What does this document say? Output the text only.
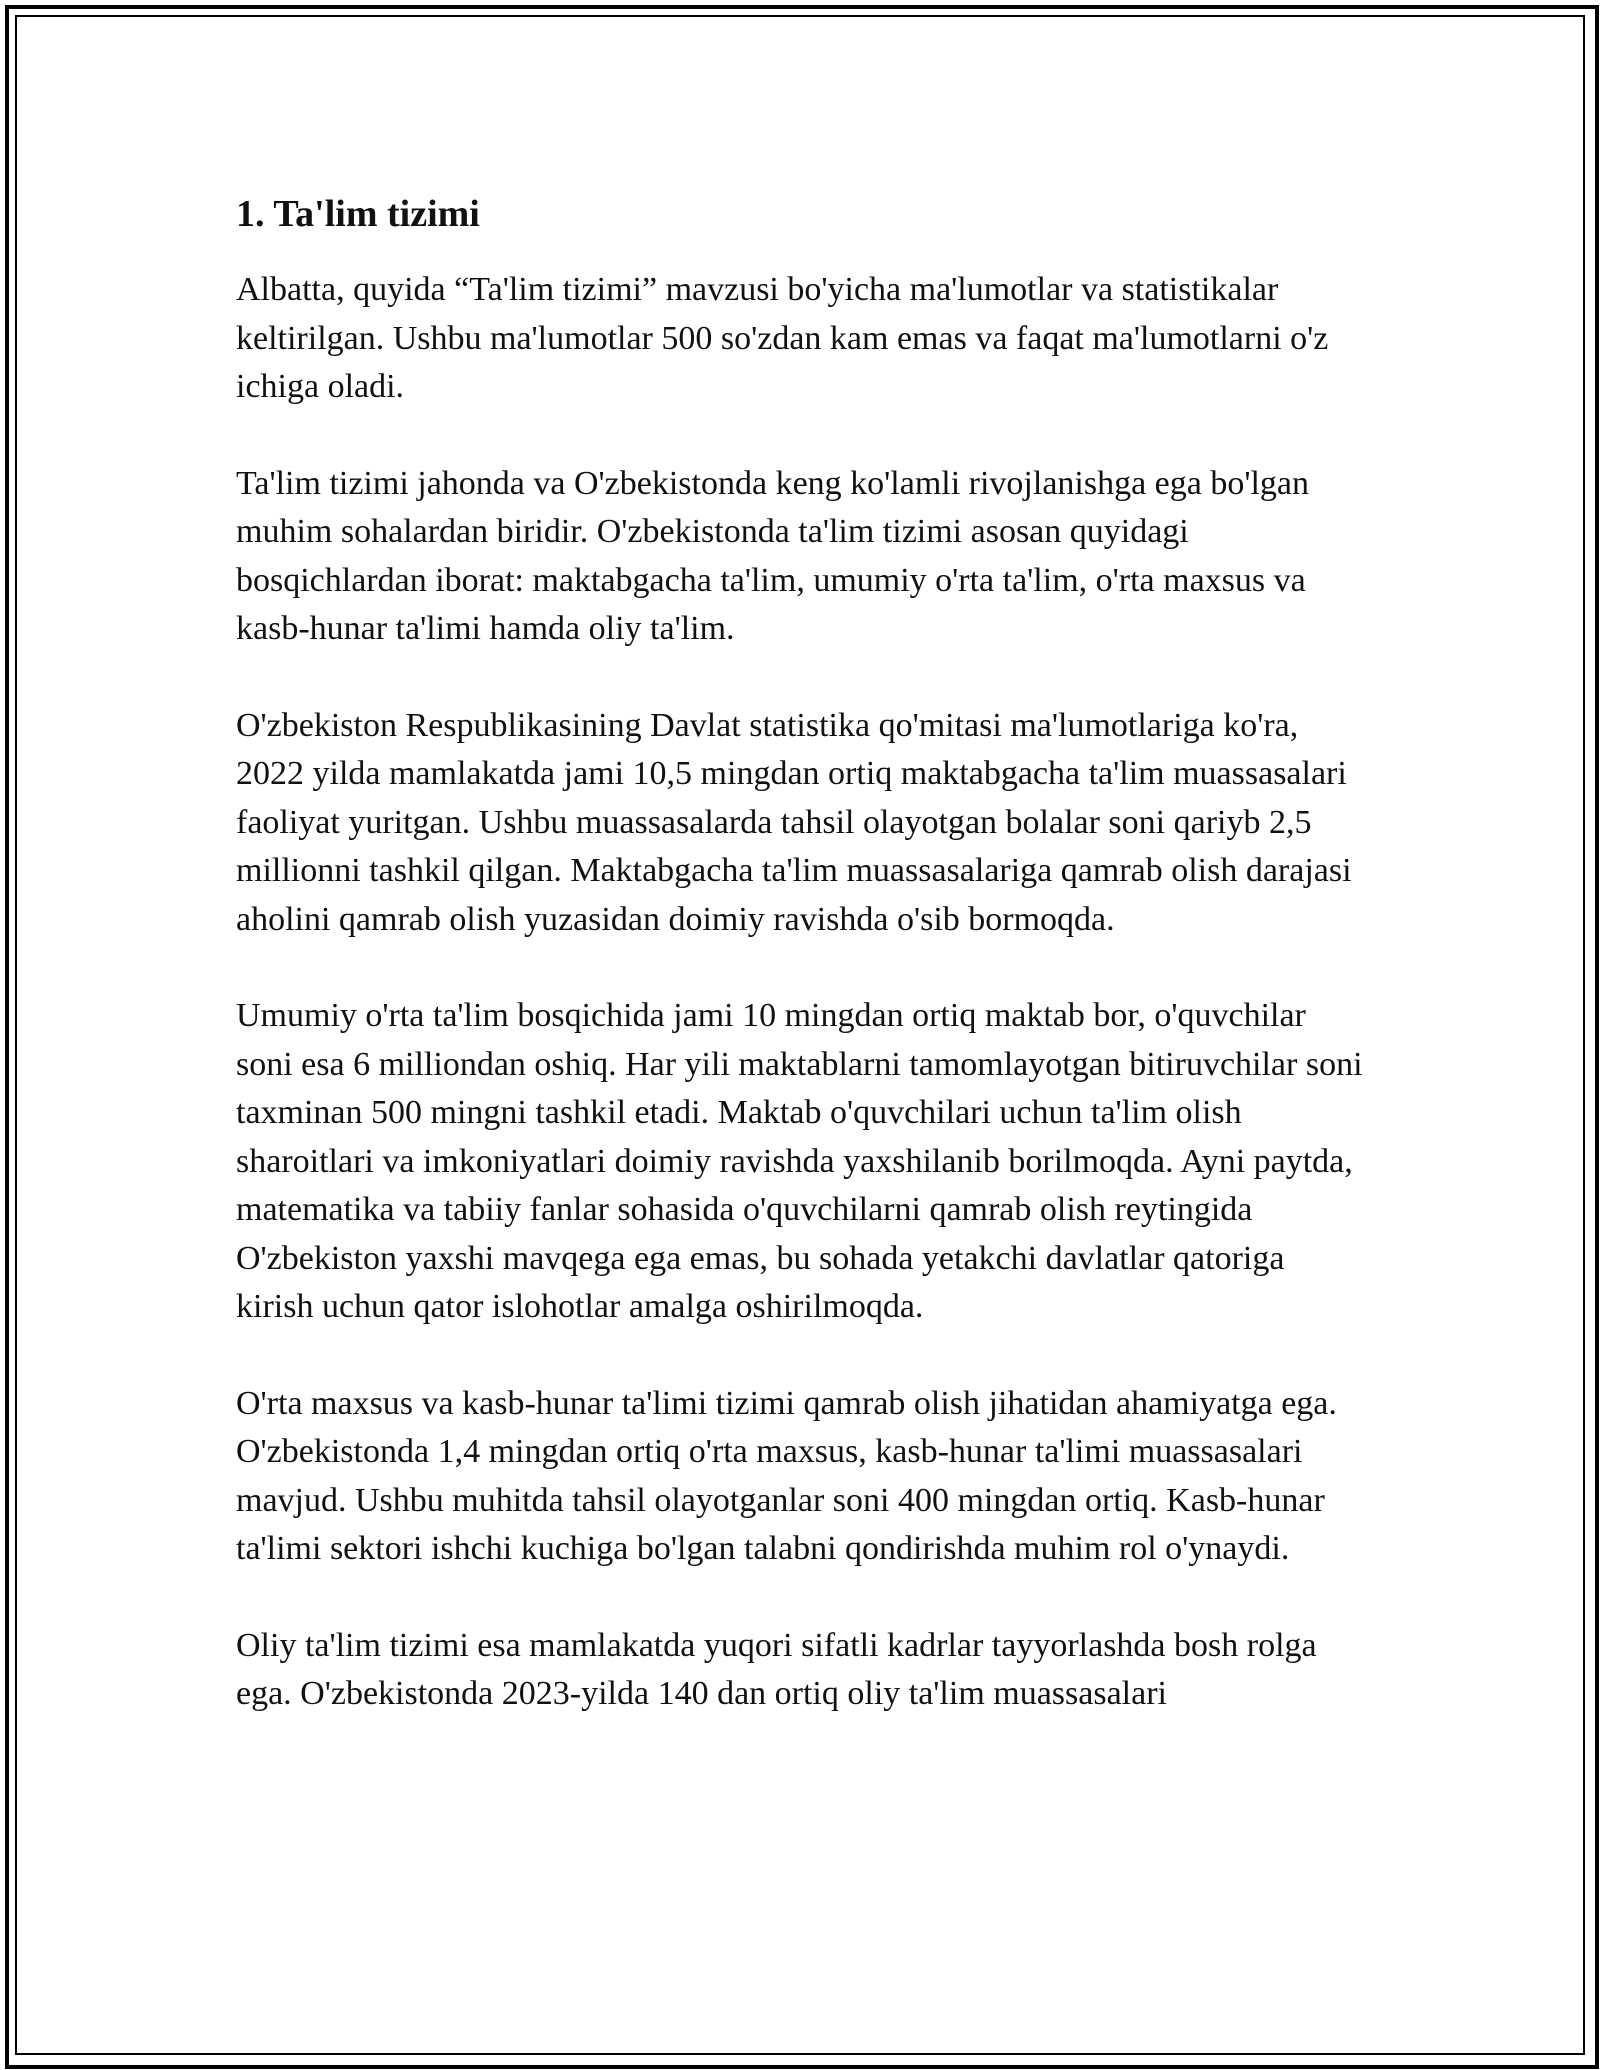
1. Ta'lim tizimi

Albatta, quyida “Ta'lim tizimi” mavzusi bo'yicha ma'lumotlar va statistikalar keltirilgan. Ushbu ma'lumotlar 500 so'zdan kam emas va faqat ma'lumotlarni o'z ichiga oladi.

Ta'lim tizimi jahonda va O'zbekistonda keng ko'lamli rivojlanishga ega bo'lgan muhim sohalardan biridir. O'zbekistonda ta'lim tizimi asosan quyidagi bosqichlardan iborat: maktabgacha ta'lim, umumiy o'rta ta'lim, o'rta maxsus va kasb-hunar ta'limi hamda oliy ta'lim.

O'zbekiston Respublikasining Davlat statistika qo'mitasi ma'lumotlariga ko'ra, 2022 yilda mamlakatda jami 10,5 mingdan ortiq maktabgacha ta'lim muassasalari faoliyat yuritgan. Ushbu muassasalarda tahsil olayotgan bolalar soni qariyb 2,5 millionni tashkil qilgan. Maktabgacha ta'lim muassasalariga qamrab olish darajasi aholini qamrab olish yuzasidan doimiy ravishda o'sib bormoqda.

Umumiy o'rta ta'lim bosqichida jami 10 mingdan ortiq maktab bor, o'quvchilar soni esa 6 milliondan oshiq. Har yili maktablarni tamomlayotgan bitiruvchilar soni taxminan 500 mingni tashkil etadi. Maktab o'quvchilari uchun ta'lim olish sharoitlari va imkoniyatlari doimiy ravishda yaxshilanib borilmoqda. Ayni paytda, matematika va tabiiy fanlar sohasida o'quvchilarni qamrab olish reytingida O'zbekiston yaxshi mavqega ega emas, bu sohada yetakchi davlatlar qatoriga kirish uchun qator islohotlar amalga oshirilmoqda.

O'rta maxsus va kasb-hunar ta'limi tizimi qamrab olish jihatidan ahamiyatga ega. O'zbekistonda 1,4 mingdan ortiq o'rta maxsus, kasb-hunar ta'limi muassasalari mavjud. Ushbu muhitda tahsil olayotganlar soni 400 mingdan ortiq. Kasb-hunar ta'limi sektori ishchi kuchiga bo'lgan talabni qondirishda muhim rol o'ynaydi.

Oliy ta'lim tizimi esa mamlakatda yuqori sifatli kadrlar tayyorlashda bosh rolga ega. O'zbekistonda 2023-yilda 140 dan ortiq oliy ta'lim muassasalari
